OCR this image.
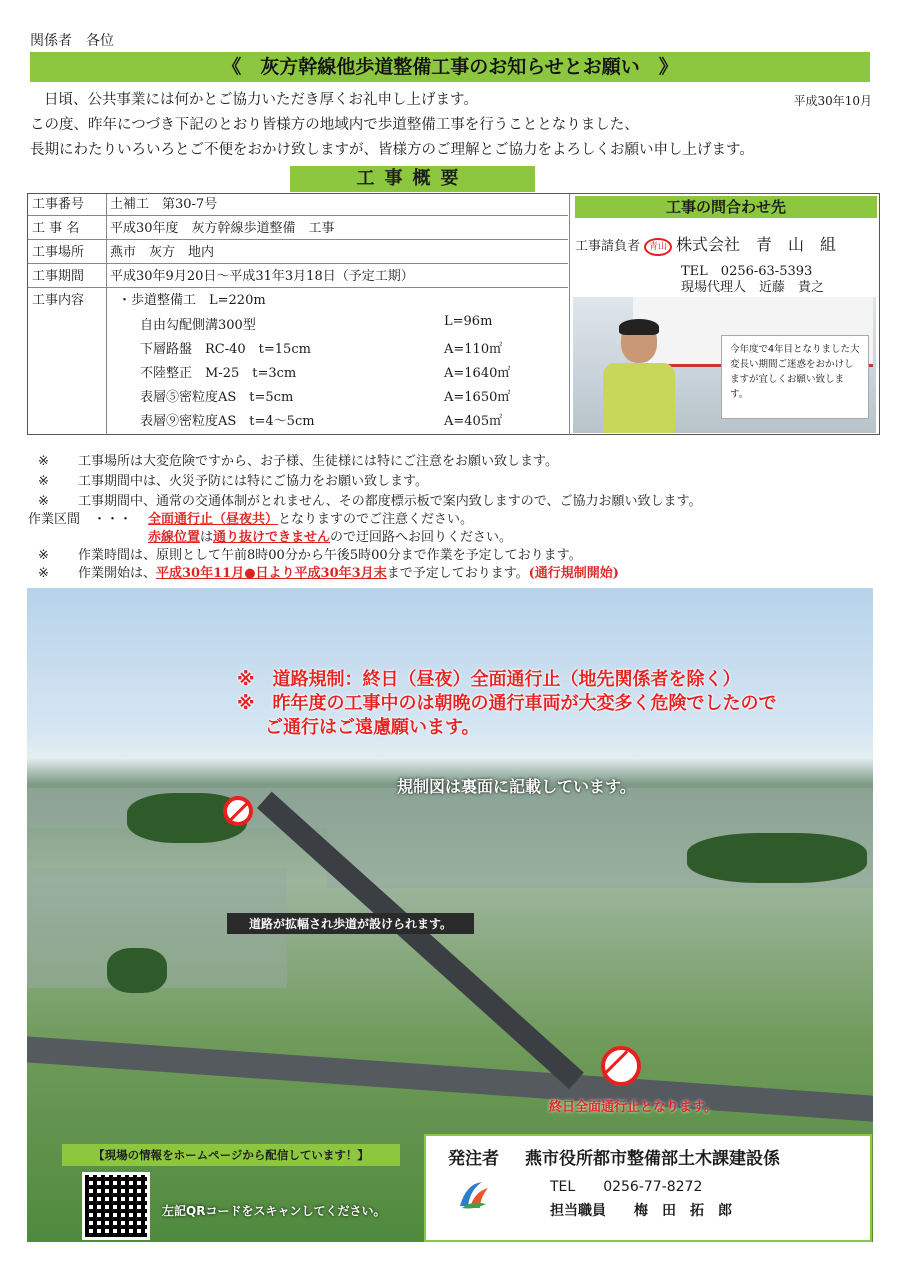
関係者　各位
《　灰方幹線他歩道整備工事のお知らせとお願い　》
平成30年10月

日頃、公共事業には何かとご協力いただき厚くお礼申し上げます。

この度、昨年につづき下記のとおり皆様方の地域内で歩道整備工事を行うこととなりました、

長期にわたりいろいろとご不便をおかけ致しますが、皆様方のご理解とご協力をよろしくお願い申し上げます。

工事概要
工事番号	土補工　第30-7号
工 事 名	平成30年度　灰方幹線歩道整備　工事
工事場所	燕市　灰方　地内
工事期間	平成30年9月20日～平成31年3月18日（予定工期）
工事内容	・歩道整備工　L=220m
自由勾配側溝300型	L=96m
下層路盤　RC-40　t=15cm	A=110㎡
不陸整正　M-25　t=3cm	A=1640㎡
表層⑤密粒度AS　t=5cm	A=1650㎡
表層⑨密粒度AS　t=4～5cm	A=405㎡
工事の問合わせ先
工事請負者 青山 株式会社　青　山　組
TEL　0256-63-5393
現場代理人　近藤　貴之
今年度で4年目となりました大変長い期間ご迷惑をおかけしますが宜しくお願い致します。
※ 工事場所は大変危険ですから、お子様、生徒様には特にご注意をお願い致します。
※ 工事期間中は、火災予防には特にご協力をお願い致します。
※ 工事期間中、通常の交通体制がとれません、その都度標示板で案内致しますので、ご協力お願い致します。
作業区間　・・・ 全面通行止（昼夜共）となりますのでご注意ください。
赤線位置は通り抜けできませんので迂回路へお回りください。
※ 作業時間は、原則として午前8時00分から午後5時00分まで作業を予定しております。
※ 作業開始は、平成30年11月●日より平成30年3月末まで予定しております。(通行規制開始)
※　道路規制：終日（昼夜）全面通行止（地先関係者を除く）
※　昨年度の工事中のは朝晩の通行車両が大変多く危険でしたので
ご通行はご遠慮願います。
規制図は裏面に記載しています。
道路が拡幅され歩道が設けられます。
終日全面通行止となります。
【現場の情報をホームページから配信しています！】
左記QRコードをスキャンしてください。
発注者 燕市役所都市整備部土木課建設係
TEL　　0256-77-8272
担当職員　　梅　田　拓　郎
